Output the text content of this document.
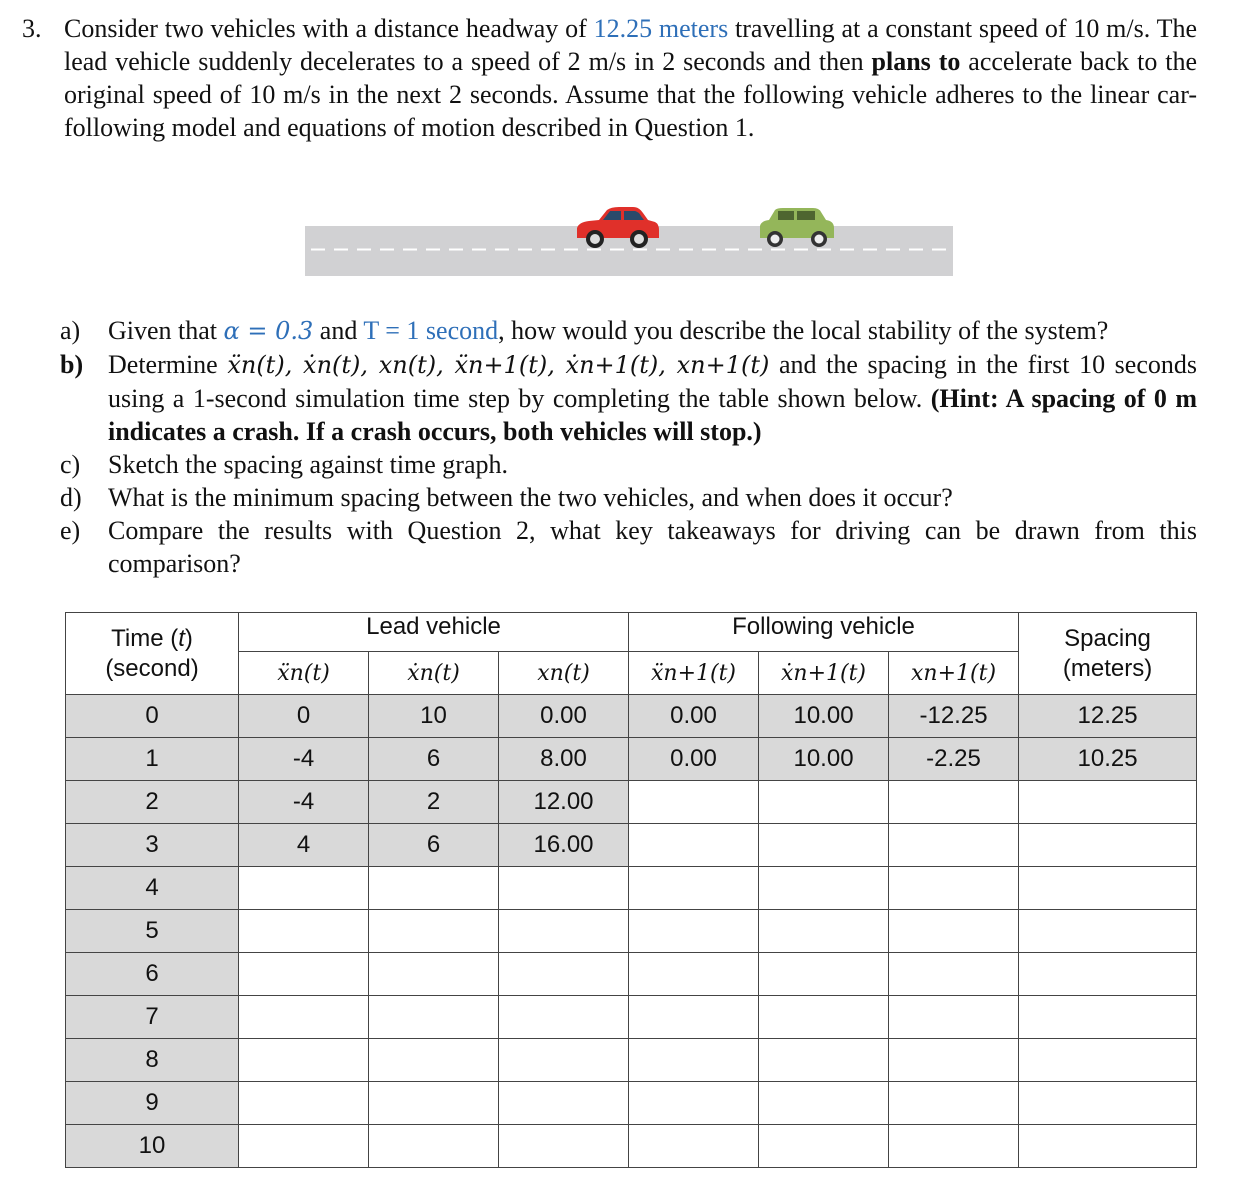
3. Consider two vehicles with a distance headway of 12.25 meters travelling at a constant speed of 10 m/s. The lead vehicle suddenly decelerates to a speed of 2 m/s in 2 seconds and then plans to accelerate back to the original speed of 10 m/s in the next 2 seconds. Assume that the following vehicle adheres to the linear car-following model and equations of motion described in Question 1.
a) Given that α = 0.3 and T = 1 second, how would you describe the local stability of the system?
b) Determine ẍn(t), ẋn(t), xn(t), ẍn+1(t), ẋn+1(t), xn+1(t) and the spacing in the first 10 seconds using a 1-second simulation time step by completing the table shown below. (Hint: A spacing of 0 m indicates a crash. If a crash occurs, both vehicles will stop.)
c) Sketch the spacing against time graph.
d) What is the minimum spacing between the two vehicles, and when does it occur?
e) Compare the results with Question 2, what key takeaways for driving can be drawn from this comparison?
Time (t)
(second)	Lead vehicle			Following vehicle			Spacing
(meters)
	ẍn(t)	ẋn(t)	xn(t)	ẍn+1(t)	ẋn+1(t)	xn+1(t)	
0	0	10	0.00	0.00	10.00	-12.25	12.25
1	-4	6	8.00	0.00	10.00	-2.25	10.25
2	-4	2	12.00				
3	4	6	16.00				
4							
5							
6							
7							
8							
9							
10							
